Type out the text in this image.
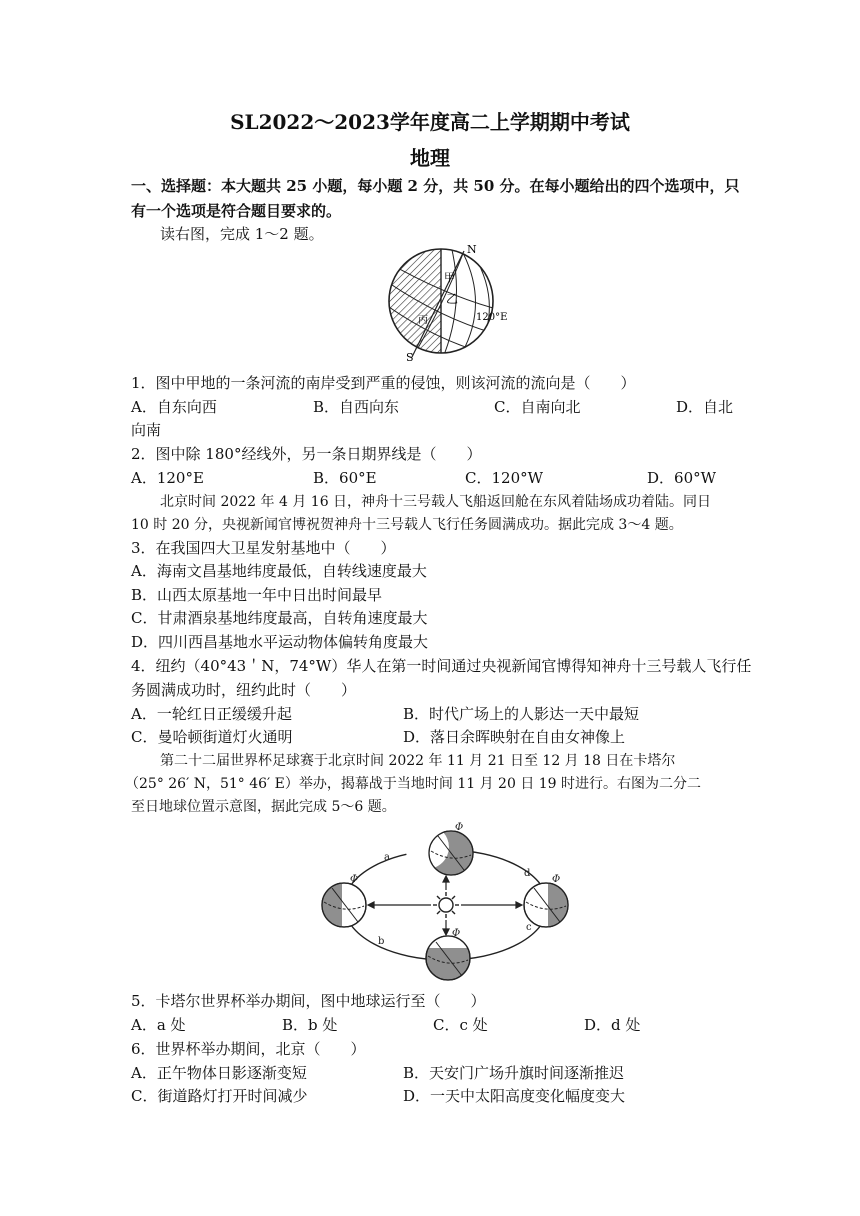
SL2022～2023学年度高二上学期期中考试
地理
一、选择题：本大题共 25 小题，每小题 2 分，共 50 分。在每小题给出的四个选项中，只
有一个选项是符合题目要求的。
读右图，完成 1～2 题。
N
S
甲
乙
丙	120°E
1．图中甲地的一条河流的南岸受到严重的侵蚀，则该河流的流向是（　　）
A．自东向西	B．自西向东	C．自南向北	D．自北
向南
2．图中除 180°经线外，另一条日期界线是（　　）
A．120°E	B．60°E	C．120°W	D．60°W
北京时间 2022 年 4 月 16 日，神舟十三号载人飞船返回舱在东风着陆场成功着陆。同日
10 时 20 分，央视新闻官博祝贺神舟十三号载人飞行任务圆满成功。据此完成 3～4 题。
3．在我国四大卫星发射基地中（　　）
A．海南文昌基地纬度最低，自转线速度最大
B．山西太原基地一年中日出时间最早
C．甘肃酒泉基地纬度最高，自转角速度最大
D．四川西昌基地水平运动物体偏转角度最大
4．纽约（40°43＇N，74°W）华人在第一时间通过央视新闻官博得知神舟十三号载人飞行任
务圆满成功时，纽约此时（　　）
A．一轮红日正缓缓升起	B．时代广场上的人影达一天中最短
C．曼哈顿街道灯火通明	D．落日余晖映射在自由女神像上
第二十二届世界杯足球赛于北京时间 2022 年 11 月 21 日至 12 月 18 日在卡塔尔
（25° 26′ N，51° 46′ E）举办，揭幕战于当地时间 11 月 20 日 19 时进行。右图为二分二
至日地球位置示意图，据此完成 5～6 题。
a
b
c
d
Φ
Φ
Φ	Φ
5．卡塔尔世界杯举办期间，图中地球运行至（　　）
A．a 处	B．b 处	C．c 处	D．d 处
6．世界杯举办期间，北京（　　）
A．正午物体日影逐渐变短	B．天安门广场升旗时间逐渐推迟
C．街道路灯打开时间减少	D．一天中太阳高度变化幅度变大
